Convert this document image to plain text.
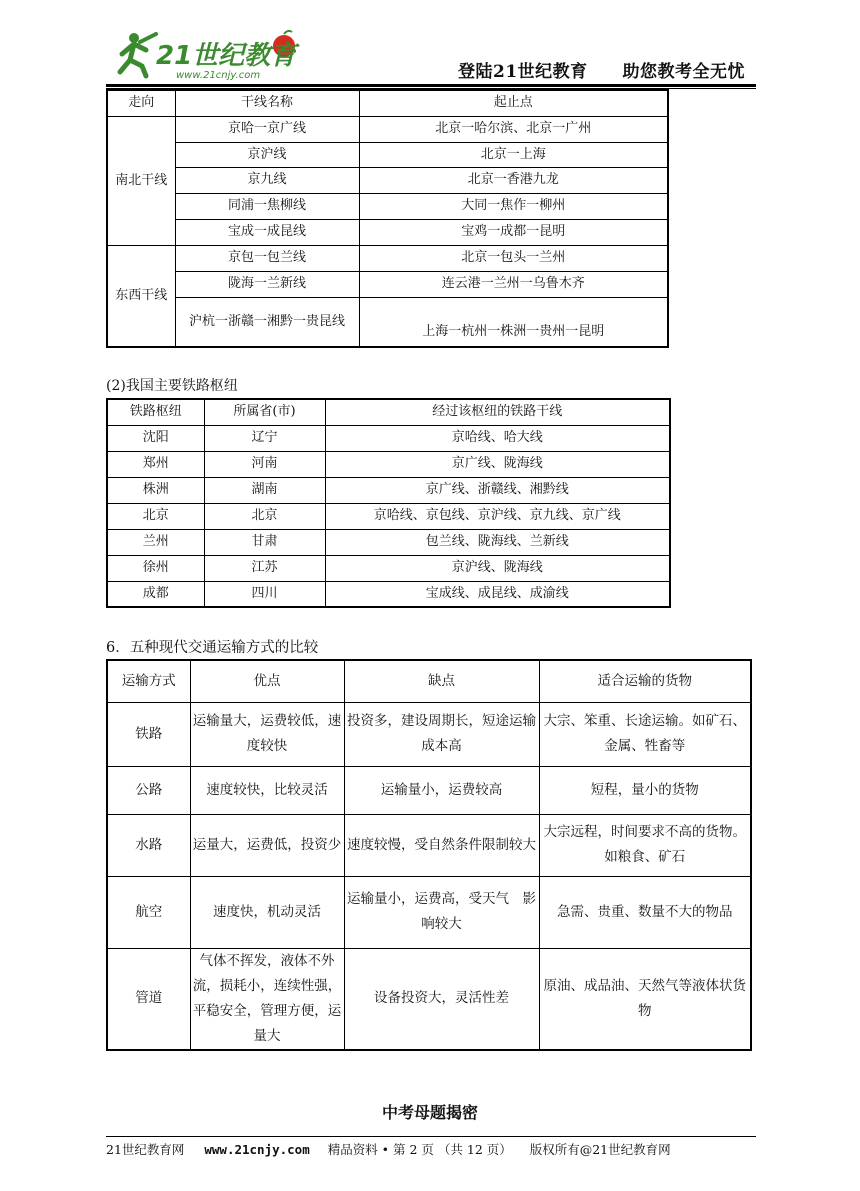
21世纪教育
www.21cnjy.com	登陆21世纪教育 助您教考全无忧
走向	干线名称	起止点
南北干线	京哈一京广线	北京一哈尔滨、北京一广州
	京沪线	北京一上海
	京九线	北京一香港九龙
	同浦一焦柳线	大同一焦作一柳州
	宝成一成昆线	宝鸡一成都一昆明
东西干线	京包一包兰线	北京一包头一兰州
	陇海一兰新线	连云港一兰州一乌鲁木齐
	沪杭一浙赣一湘黔一贵昆线	上海一杭州一株洲一贵州一昆明
(2)我国主要铁路枢纽
铁路枢纽	所属省(市)	经过该枢纽的铁路干线
沈阳	辽宁	京哈线、哈大线
郑州	河南	京广线、陇海线
株洲	湖南	京广线、浙赣线、湘黔线
北京	北京	京哈线、京包线、京沪线、京九线、京广线
兰州	甘肃	包兰线、陇海线、兰新线
徐州	江苏	京沪线、陇海线
成都	四川	宝成线、成昆线、成渝线
6．五种现代交通运输方式的比较
运输方式	优点	缺点	适合运输的货物
铁路	运输量大，运费较低，速度较快	投资多，建设周期长，短途运输成本高	大宗、笨重、长途运输。如矿石、金属、牲畜等
公路	速度较快，比较灵活	运输量小，运费较高	短程，量小的货物
水路	运量大，运费低，投资少	速度较慢，受自然条件限制较大	大宗远程，时间要求不高的货物。如粮食、矿石
航空	速度快，机动灵活	运输量小，运费高，受天气　影响较大	急需、贵重、数量不大的物品
管道	气体不挥发，液体不外流，损耗小，连续性强，平稳安全，管理方便，运量大	设备投资大，灵活性差	原油、成品油、天然气等液体状货物
中考母题揭密
21世纪教育网 www.21cnjy.com 精品资料 • 第 2 页 （共 12 页） 版权所有@21世纪教育网
